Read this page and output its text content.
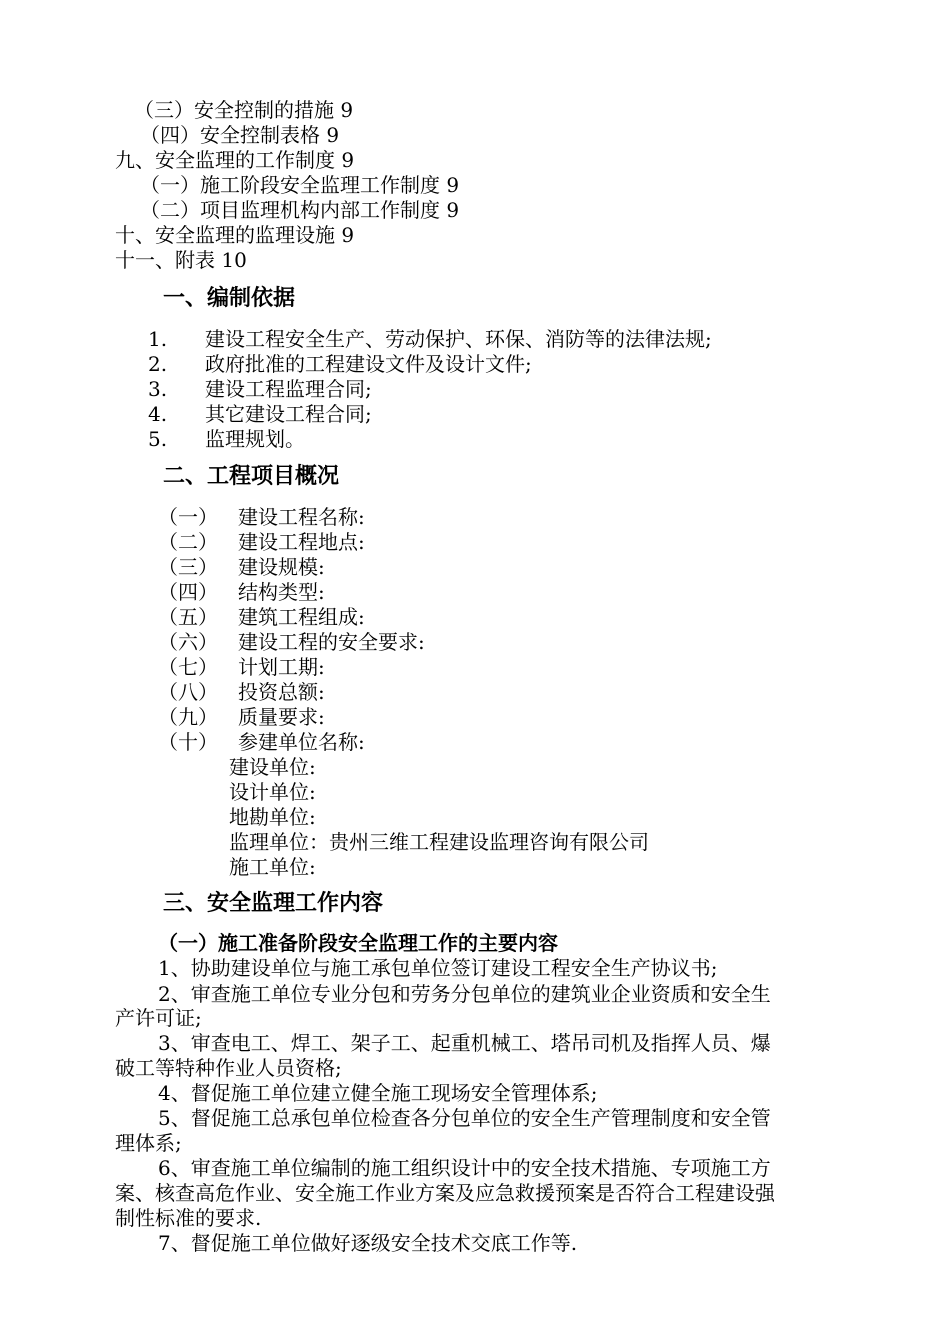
（三）安全控制的措施 9
（四）安全控制表格 9
九、安全监理的工作制度 9
（一）施工阶段安全监理工作制度 9
（二）项目监理机构内部工作制度 9
十、安全监理的监理设施 9
十一、附表 10
一、编制依据
1. 建设工程安全生产、劳动保护、环保、消防等的法律法规;
2. 政府批准的工程建设文件及设计文件;
3. 建设工程监理合同;
4. 其它建设工程合同;
5. 监理规划。
二、工程项目概况
（一） 建设工程名称:
（二） 建设工程地点:
（三） 建设规模:
（四） 结构类型:
（五） 建筑工程组成:
（六） 建设工程的安全要求:
（七） 计划工期:
（八） 投资总额:
（九） 质量要求:
（十） 参建单位名称:
建设单位:
设计单位:
地勘单位:
监理单位：贵州三维工程建设监理咨询有限公司
施工单位:
三、安全监理工作内容
（一）施工准备阶段安全监理工作的主要内容
1、协助建设单位与施工承包单位签订建设工程安全生产协议书;
2、审查施工单位专业分包和劳务分包单位的建筑业企业资质和安全生
产许可证;
3、审查电工、焊工、架子工、起重机械工、塔吊司机及指挥人员、爆
破工等特种作业人员资格;
4、督促施工单位建立健全施工现场安全管理体系;
5、督促施工总承包单位检查各分包单位的安全生产管理制度和安全管
理体系;
6、审查施工单位编制的施工组织设计中的安全技术措施、专项施工方
案、核查高危作业、安全施工作业方案及应急救援预案是否符合工程建设强
制性标准的要求.
7、督促施工单位做好逐级安全技术交底工作等.
